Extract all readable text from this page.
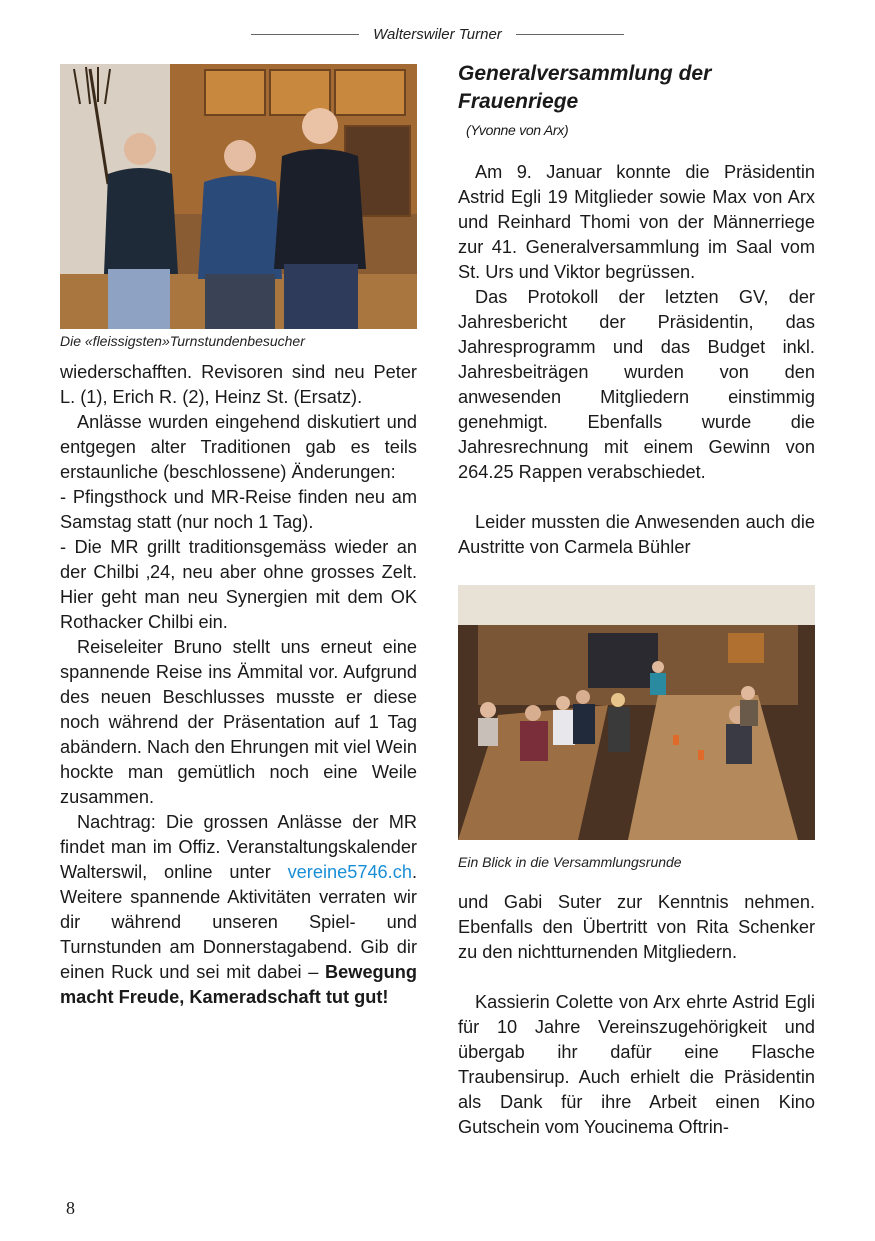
Walterswiler Turner
Die «fleissigsten»Turnstundenbesucher

wiederschafften. Revisoren sind neu Peter L. (1), Erich R. (2), Heinz St. (Ersatz).

Anlässe wurden eingehend diskutiert und entgegen alter Traditionen gab es teils erstaunliche (beschlossene) Änderungen:

- Pfingsthock und MR-Reise finden neu am Samstag statt (nur noch 1 Tag).

- Die MR grillt traditionsgemäss wieder an der Chilbi ‚24, neu aber ohne grosses Zelt. Hier geht man neu Synergien mit dem OK Rothacker Chilbi ein.

Reiseleiter Bruno stellt uns erneut eine spannende Reise ins Ämmital vor. Aufgrund des neuen Beschlusses musste er diese noch während der Präsentation auf 1 Tag abändern. Nach den Ehrungen mit viel Wein hockte man gemütlich noch eine Weile zusammen.

Nachtrag: Die grossen Anlässe der MR findet man im Offiz. Veranstaltungskalender Walterswil, online unter vereine5746.ch. Weitere spannende Aktivitäten verraten wir dir während unseren Spiel- und Turnstunden am Donnerstagabend. Gib dir einen Ruck und sei mit dabei – Bewegung macht Freude, Kameradschaft tut gut!

Generalversammlung der Frauenriege
(Yvonne von Arx)

Am 9. Januar konnte die Präsidentin Astrid Egli 19 Mitglieder sowie Max von Arx und Reinhard Thomi von der Männerriege zur 41. Generalversammlung im Saal vom St. Urs und Viktor begrüssen.

Das Protokoll der letzten GV, der Jahresbericht der Präsidentin, das Jahresprogramm und das Budget inkl. Jahresbeiträgen wurden von den anwesenden Mitgliedern einstimmig genehmigt. Ebenfalls wurde die Jahresrechnung mit einem Gewinn von 264.25 Rappen verabschiedet.

Leider mussten die Anwesenden auch die Austritte von Carmela Bühler

Ein Blick in die Versammlungsrunde

und Gabi Suter zur Kenntnis nehmen. Ebenfalls den Übertritt von Rita Schenker zu den nichtturnenden Mitgliedern.

Kassierin Colette von Arx ehrte Astrid Egli für 10 Jahre Vereinszugehörigkeit und übergab ihr dafür eine Flasche Traubensirup. Auch erhielt die Präsidentin als Dank für ihre Arbeit einen Kino Gutschein vom Youcinema Oftrin-

8
